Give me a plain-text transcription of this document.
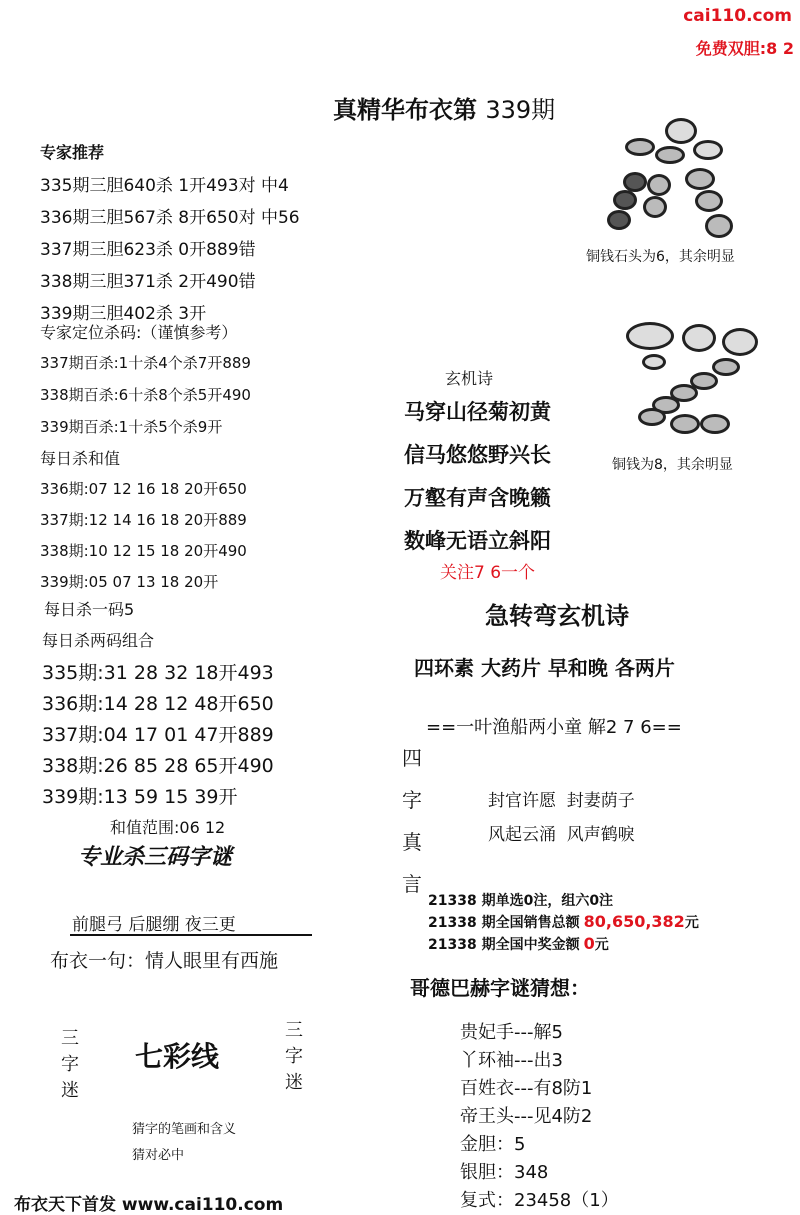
cai110.com
免费双胆:8 2
真精华布衣第 339期
专家推荐
335期三胆640杀 1开493对 中4
336期三胆567杀 8开650对 中56
337期三胆623杀 0开889错
338期三胆371杀 2开490错
339期三胆402杀 3开
专家定位杀码:（谨慎参考）
337期百杀:1十杀4个杀7开889
338期百杀:6十杀8个杀5开490
339期百杀:1十杀5个杀9开
每日杀和值
336期:07 12 16 18 20开650
337期:12 14 16 18 20开889
338期:10 12 15 18 20开490
339期:05 07 13 18 20开
每日杀一码5
每日杀两码组合
335期:31 28 32 18开493
336期:14 28 12 48开650
337期:04 17 01 47开889
338期:26 85 28 65开490
339期:13 59 15 39开
和值范围:06 12
专业杀三码字谜
前腿弓 后腿绷 夜三更
布衣一句：情人眼里有西施
三
字
迷
七彩线
三
字
迷
猜字的笔画和含义
猜对必中
布衣天下首发 www.cai110.com
铜钱石头为6，其余明显
铜钱为8，其余明显
玄机诗
马穿山径菊初黄
信马悠悠野兴长
万壑有声含晚籁
数峰无语立斜阳
关注7 6一个
急转弯玄机诗
四环素 大药片 早和晚 各两片
==一叶渔船两小童 解2 7 6==
四
字
真
言
封官许愿  封妻荫子
风起云涌  风声鹤唳
21338 期单选0注，组六0注
21338 期全国销售总额 80,650,382元
21338 期全国中奖金额 0元
哥德巴赫字谜猜想：
贵妃手---解5
丫环袖---出3
百姓衣---有8防1
帝王头---见4防2
金胆：5
银胆：348
复式：23458（1）
